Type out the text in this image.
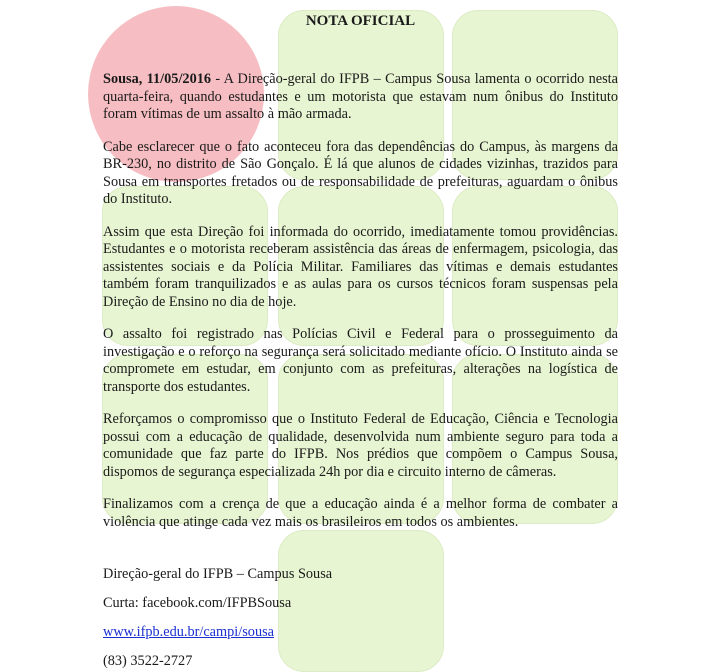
NOTA OFICIAL

Sousa, 11/05/2016 - A Direção-geral do IFPB – Campus Sousa lamenta o ocorrido nesta quarta-feira, quando estudantes e um motorista que estavam num ônibus do Instituto foram vítimas de um assalto à mão armada.

Cabe esclarecer que o fato aconteceu fora das dependências do Campus, às margens da BR-230, no distrito de São Gonçalo. É lá que alunos de cidades vizinhas, trazidos para Sousa em transportes fretados ou de responsabilidade de prefeituras, aguardam o ônibus do Instituto.

Assim que esta Direção foi informada do ocorrido, imediatamente tomou providências. Estudantes e o motorista receberam assistência das áreas de enfermagem, psicologia, das assistentes sociais e da Polícia Militar. Familiares das vítimas e demais estudantes também foram tranquilizados e as aulas para os cursos técnicos foram suspensas pela Direção de Ensino no dia de hoje.

O assalto foi registrado nas Polícias Civil e Federal para o prosseguimento da investigação e o reforço na segurança será solicitado mediante ofício. O Instituto ainda se compromete em estudar, em conjunto com as prefeituras, alterações na logística de transporte dos estudantes.

Reforçamos o compromisso que o Instituto Federal de Educação, Ciência e Tecnologia possui com a educação de qualidade, desenvolvida num ambiente seguro para toda a comunidade que faz parte do IFPB. Nos prédios que compõem o Campus Sousa, dispomos de segurança especializada 24h por dia e circuito interno de câmeras.

Finalizamos com a crença de que a educação ainda é a melhor forma de combater a violência que atinge cada vez mais os brasileiros em todos os ambientes.

Direção-geral do IFPB – Campus Sousa

Curta: facebook.com/IFPBSousa

www.ifpb.edu.br/campi/sousa

(83) 3522-2727
